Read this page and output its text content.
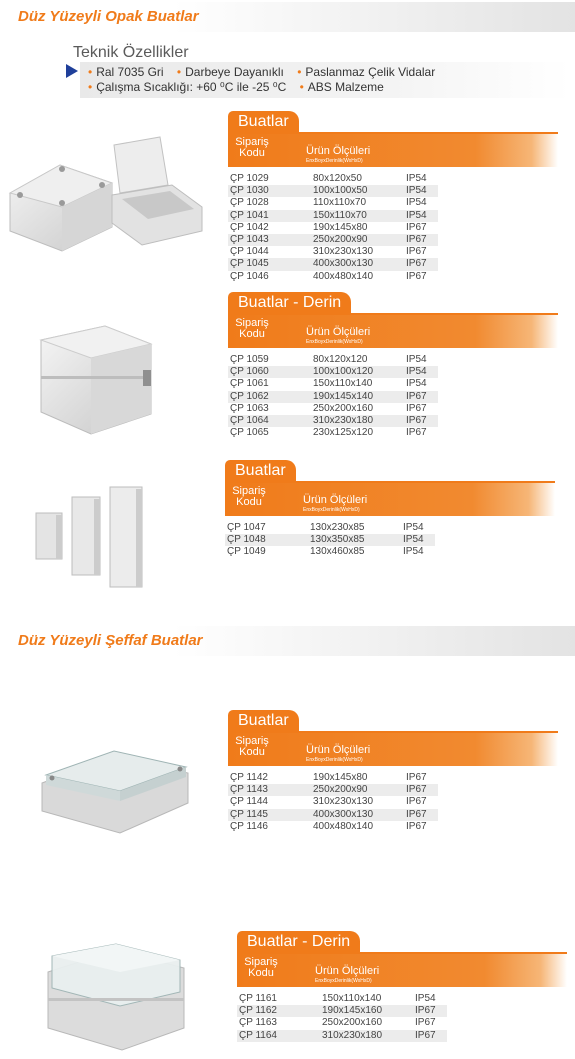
Düz Yüzeyli Opak Buatlar
Teknik Özellikler
• Ral 7035 Gri • Darbeye Dayanıklı • Paslanmaz Çelik Vidalar
• Çalışma Sıcaklığı: +60 ⁰C ile -25 ⁰C • ABS Malzeme
Düz Yüzeyli Şeffaf Buatlar
Buatlar
Sipariş
Kodu	Ürün Ölçüleri
EnxBoyxDerinlik(WxHxD)
ÇP 1029	80x120x50	IP54
ÇP 1030	100x100x50	IP54
ÇP 1028	110x110x70	IP54
ÇP 1041	150x110x70	IP54
ÇP 1042	190x145x80	IP67
ÇP 1043	250x200x90	IP67
ÇP 1044	310x230x130	IP67
ÇP 1045	400x300x130	IP67
ÇP 1046	400x480x140	IP67
Buatlar - Derin
Sipariş
Kodu	Ürün Ölçüleri
EnxBoyxDerinlik(WxHxD)
ÇP 1059	80x120x120	IP54
ÇP 1060	100x100x120	IP54
ÇP 1061	150x110x140	IP54
ÇP 1062	190x145x140	IP67
ÇP 1063	250x200x160	IP67
ÇP 1064	310x230x180	IP67
ÇP 1065	230x125x120	IP67
Buatlar
Sipariş
Kodu	Ürün Ölçüleri
EnxBoyxDerinlik(WxHxD)
ÇP 1047	130x230x85	IP54
ÇP 1048	130x350x85	IP54
ÇP 1049	130x460x85	IP54
Buatlar
Sipariş
Kodu	Ürün Ölçüleri
EnxBoyxDerinlik(WxHxD)
ÇP 1142	190x145x80	IP67
ÇP 1143	250x200x90	IP67
ÇP 1144	310x230x130	IP67
ÇP 1145	400x300x130	IP67
ÇP 1146	400x480x140	IP67
Buatlar - Derin
Sipariş
Kodu	Ürün Ölçüleri
EnxBoyxDerinlik(WxHxD)
ÇP 1161	150x110x140	IP54
ÇP 1162	190x145x160	IP67
ÇP 1163	250x200x160	IP67
ÇP 1164	310x230x180	IP67
